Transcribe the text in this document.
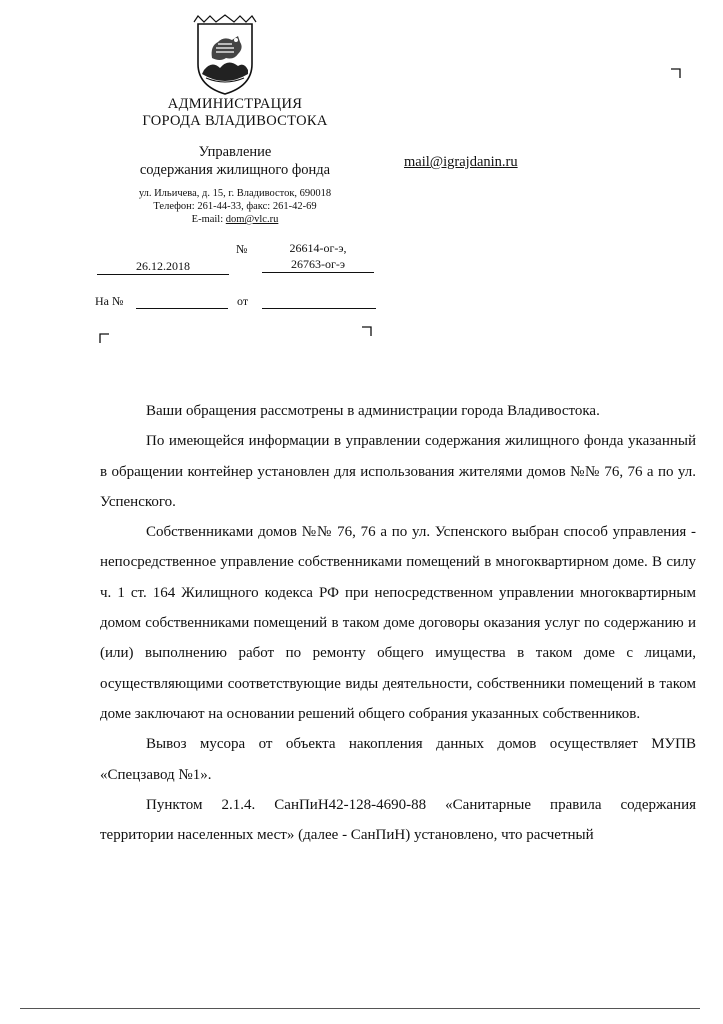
АДМИНИСТРАЦИЯ
ГОРОДА ВЛАДИВОСТОКА
Управление
содержания жилищного фонда
ул. Ильичева, д. 15, г. Владивосток, 690018
Телефон: 261-44-33, факс: 261-42-69
E-mail: dom@vlc.ru
mail@igrajdanin.ru
№	26614-ог-э,
26763-ог-э
26.12.2018
На №	от

Ваши обращения рассмотрены в администрации города Владивостока.

По имеющейся информации в управлении содержания жилищного фонда указанный в обращении контейнер установлен для использования жителями домов №№ 76, 76 а по ул. Успенского.

Собственниками домов №№ 76, 76 а по ул. Успенского выбран способ управления - непосредственное управление собственниками помещений в многоквартирном доме. В силу ч. 1 ст. 164 Жилищного кодекса РФ при непосредственном управлении многоквартирным домом собственниками помещений в таком доме договоры оказания услуг по содержанию и (или) выполнению работ по ремонту общего имущества в таком доме с лицами, осуществляющими соответствующие виды деятельности, собственники помещений в таком доме заключают на основании решений общего собрания указанных собственников.

Вывоз мусора от объекта накопления данных домов осуществляет МУПВ «Спецзавод №1».

Пунктом 2.1.4. СанПиН42-128-4690-88 «Санитарные правила содержания территории населенных мест» (далее - СанПиН) установлено, что расчетный
